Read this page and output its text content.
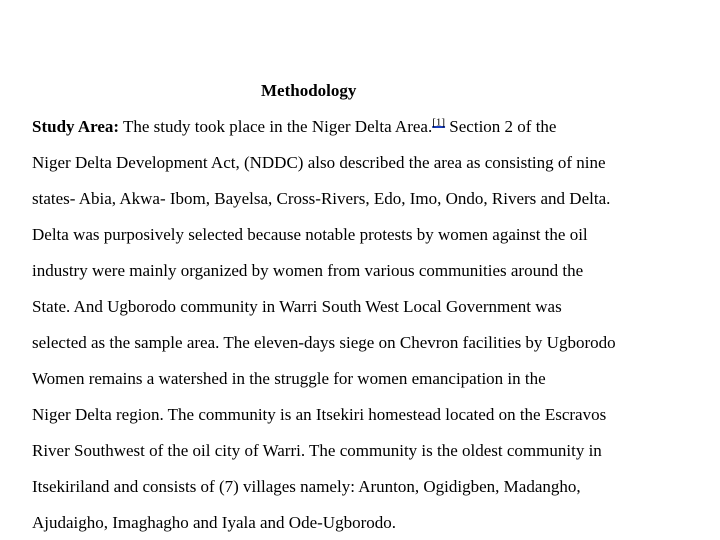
Methodology
Study Area: The study took place in the Niger Delta Area.[1] Section 2 of the
Niger Delta Development Act, (NDDC) also described the area as consisting of nine
states- Abia, Akwa- Ibom, Bayelsa, Cross-Rivers, Edo, Imo, Ondo, Rivers and Delta.
Delta was purposively selected because notable protests by women against the oil
industry were mainly organized by women from various communities around the
State. And Ugborodo community in Warri South West Local Government was
selected as the sample area. The eleven-days siege on Chevron facilities by Ugborodo
Women remains a watershed in the struggle for women emancipation in the
Niger Delta region. The community is an Itsekiri homestead located on the Escravos
River Southwest of the oil city of Warri. The community is the oldest community in
Itsekiriland and consists of (7) villages namely: Arunton, Ogidigben, Madangho,
Ajudaigho, Imaghagho and Iyala and Ode-Ugborodo.
